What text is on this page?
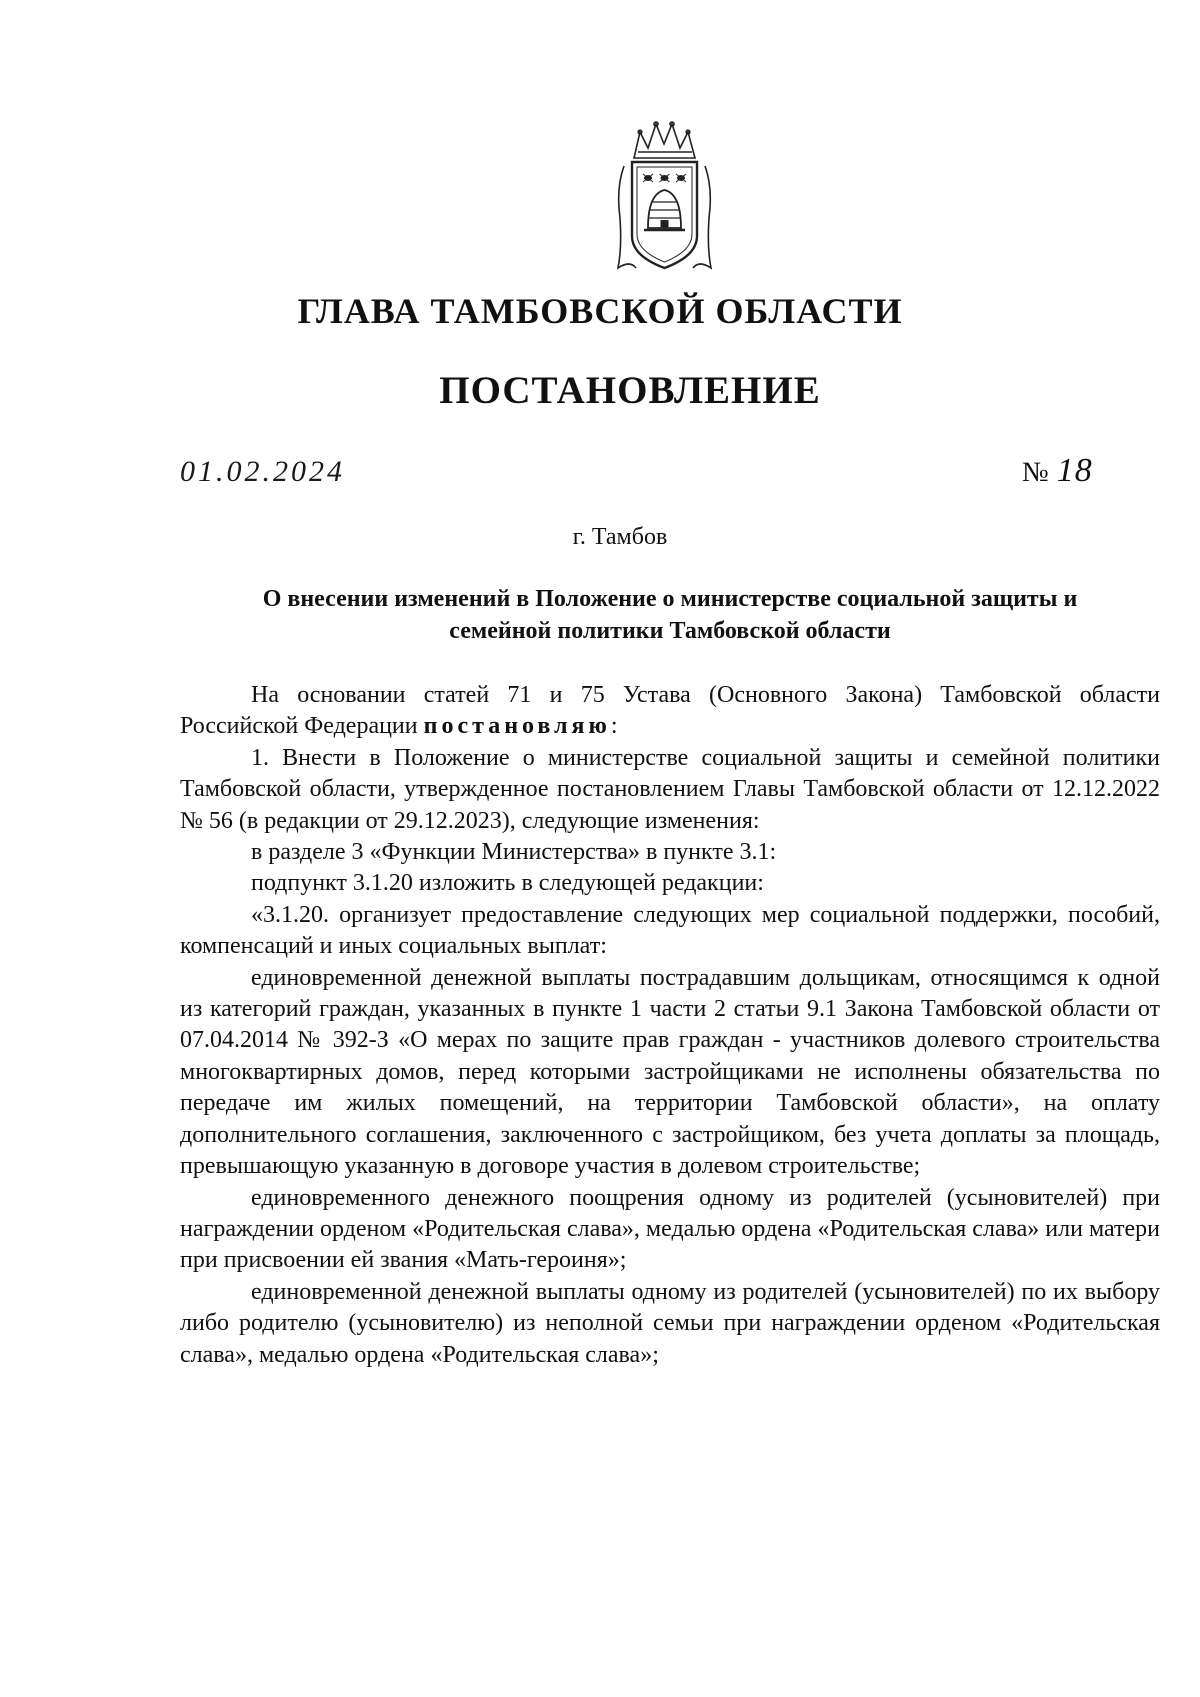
ГЛАВА ТАМБОВСКОЙ ОБЛАСТИ
ПОСТАНОВЛЕНИЕ
01.02.2024	№ 18
г. Тамбов
О внесении изменений в Положение о министерстве социальной защиты и
семейной политики Тамбовской области

На основании статей 71 и 75 Устава (Основного Закона) Тамбовской области Российской Федерации постановляю:

1. Внести в Положение о министерстве социальной защиты и семейной политики Тамбовской области, утвержденное постановлением Главы Тамбовской области от 12.12.2022 № 56 (в редакции от 29.12.2023), следующие изменения:

в разделе 3 «Функции Министерства» в пункте 3.1:

подпункт 3.1.20 изложить в следующей редакции:

«3.1.20. организует предоставление следующих мер социальной поддержки, пособий, компенсаций и иных социальных выплат:

единовременной денежной выплаты пострадавшим дольщикам, относящимся к одной из категорий граждан, указанных в пункте 1 части 2 статьи 9.1 Закона Тамбовской области от 07.04.2014 № 392-З «О мерах по защите прав граждан - участников долевого строительства многоквартирных домов, перед которыми застройщиками не исполнены обязательства по передаче им жилых помещений, на территории Тамбовской области», на оплату дополнительного соглашения, заключенного с застройщиком, без учета доплаты за площадь, превышающую указанную в договоре участия в долевом строительстве;

единовременного денежного поощрения одному из родителей (усыновителей) при награждении орденом «Родительская слава», медалью ордена «Родительская слава» или матери при присвоении ей звания «Мать-героиня»;

единовременной денежной выплаты одному из родителей (усыновителей) по их выбору либо родителю (усыновителю) из неполной семьи при награждении орденом «Родительская слава», медалью ордена «Родительская слава»;
